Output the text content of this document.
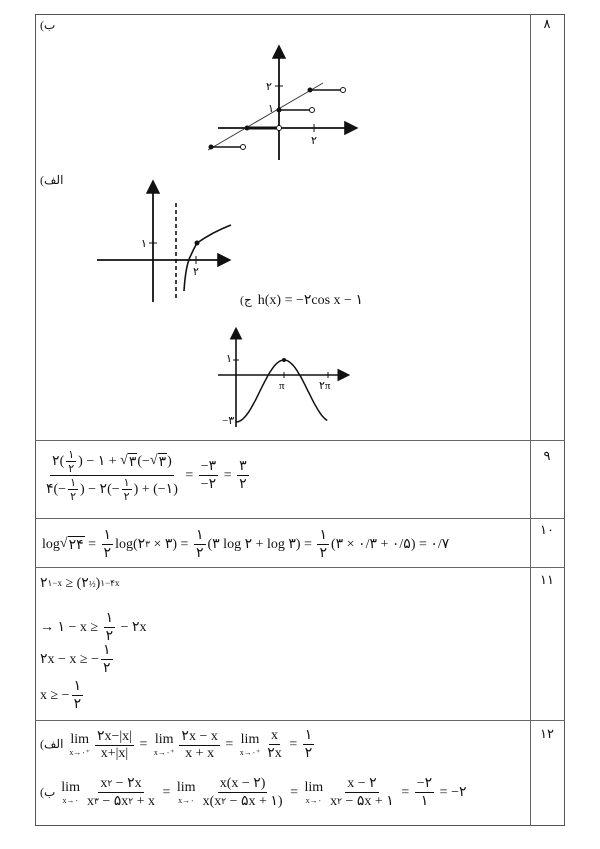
۸
۹
۱۰
۱۱
۱۲
ب)
الف)
ج) h(x) = −۲cos x − ۱
۲
۱
۲
۱
۲
۱
−۳
π	۲π
$\frac{۲( \frac{۱}{۲} ) - ۱ + √ ۳ (- √ ۳ )}{۴(- \frac{۱}{۲} ) - ۲(- \frac{۱}{۲} ) + (-۱)} = \frac{-۳}{-۲} = \frac{۳}{۲}$
log √ ۲۴ = $\frac{۱}{۲}$ log(۲ ۳ × ۳) = $\frac{۱}{۲}$ (۳ log ۲ + log ۳) = $\frac{۱}{۲}$ (۳ × ۰/۳ + ۰/۵) = ۰/۷
۲ ۱−x ≥ (۲ ½ ) ۱−۴x
→ ۱ − $x \ge \frac{۱}{۲}$ − ۲x
۲x − x ≥ − $\frac{۱}{۲}$
x ≥ − $\frac{۱}{۲}$
الف) lim
x→۰⁺ $\frac{۲x-|x|}{x+|x|} = \lim$
x→۰⁺ $\frac{۲x - x}{x + x} = \lim$
x→۰⁺ $\frac{x}{۲x} = \frac{۱}{۲}$
ب) lim
x→۰ $\frac{x ۲ - ۲x}{x ۳ - ۵x ۲ + x} = \lim$
x→۰ $\frac{x(x - ۲)}{x(x ۲ - ۵x + ۱)} = \lim$
x→۰ $\frac{x - ۲}{x ۲ - ۵x + ۱} = \frac{-۲}{۱}$ = −۲
